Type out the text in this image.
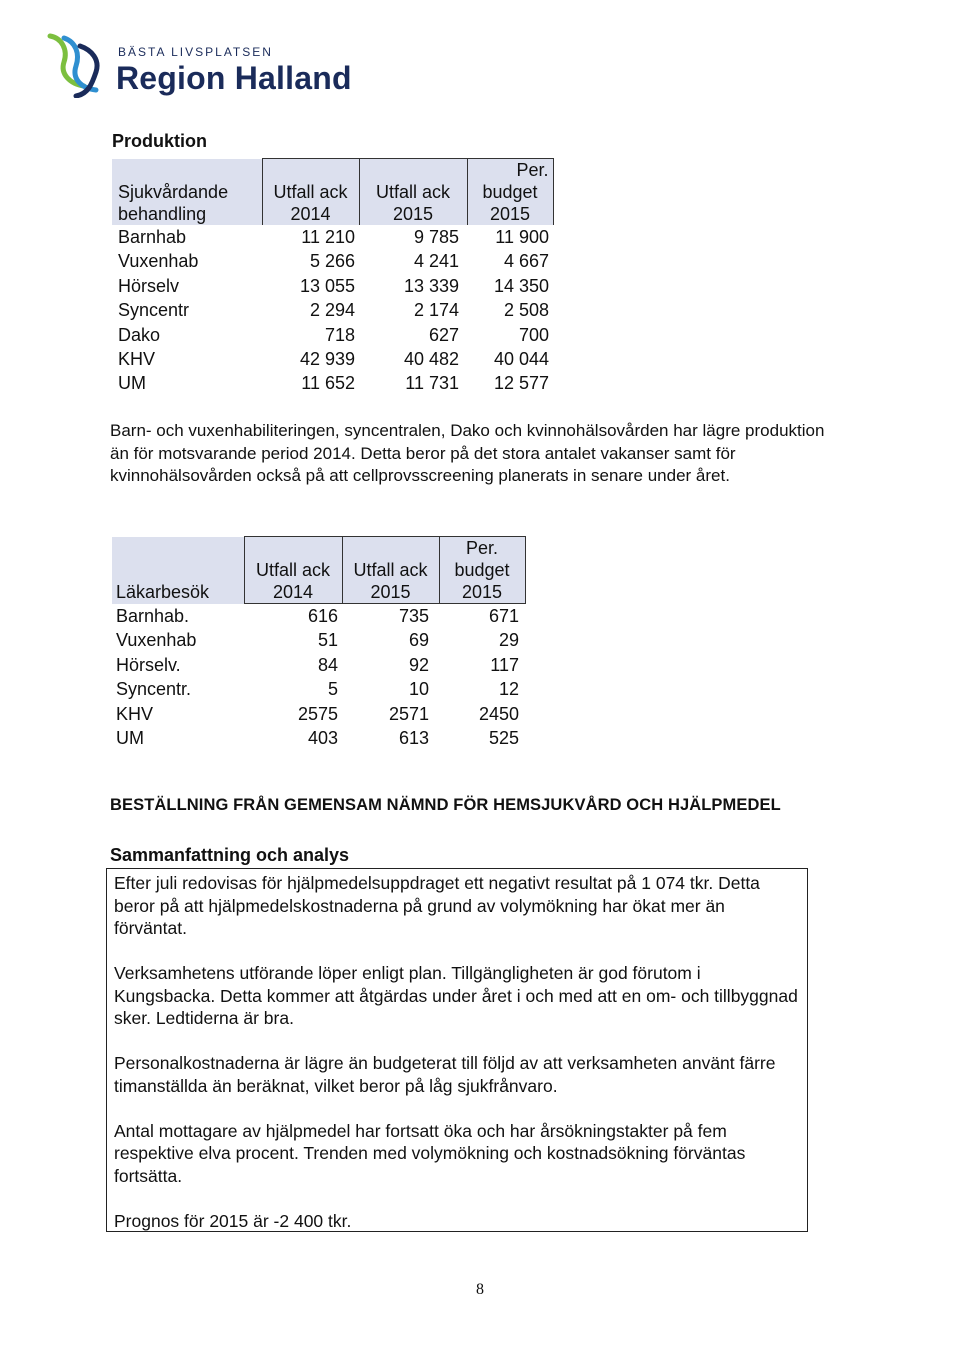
BÄSTA LIVSPLATSEN
Region Halland
Produktion
			Per.
Sjukvårdande	Utfall ack	Utfall ack	budget
behandling	2014	2015	2015
Barnhab	11 210	9 785	11 900
Vuxenhab	5 266	4 241	4 667
Hörselv	13 055	13 339	14 350
Syncentr	2 294	2 174	2 508
Dako	718	627	700
KHV	42 939	40 482	40 044
UM	11 652	11 731	12 577
Barn- och vuxenhabiliteringen, syncentralen, Dako och kvinnohälsovården har lägre produktion än för motsvarande period 2014. Detta beror på det stora antalet vakanser samt för kvinnohälsovården också på att cellprovsscreening planerats in senare under året.
			Per.
	Utfall ack	Utfall ack	budget
Läkarbesök	2014	2015	2015
Barnhab.	616	735	671
Vuxenhab	51	69	29
Hörselv.	84	92	117
Syncentr.	5	10	12
KHV	2575	2571	2450
UM	403	613	525
BESTÄLLNING FRÅN GEMENSAM NÄMND FÖR HEMSJUKVÅRD OCH HJÄLPMEDEL
Sammanfattning och analys

Efter juli redovisas för hjälpmedelsuppdraget ett negativt resultat på 1 074 tkr. Detta beror på att hjälpmedelskostnaderna på grund av volymökning har ökat mer än förväntat.

Verksamhetens utförande löper enligt plan. Tillgängligheten är god förutom i Kungsbacka. Detta kommer att åtgärdas under året i och med att en om- och tillbyggnad sker. Ledtiderna är bra.

Personalkostnaderna är lägre än budgeterat till följd av att verksamheten använt färre timanställda än beräknat, vilket beror på låg sjukfrånvaro.

Antal mottagare av hjälpmedel har fortsatt öka och har årsökningstakter på fem respektive elva procent. Trenden med volymökning och kostnadsökning förväntas fortsätta.

Prognos för 2015 är -2 400 tkr.

8
